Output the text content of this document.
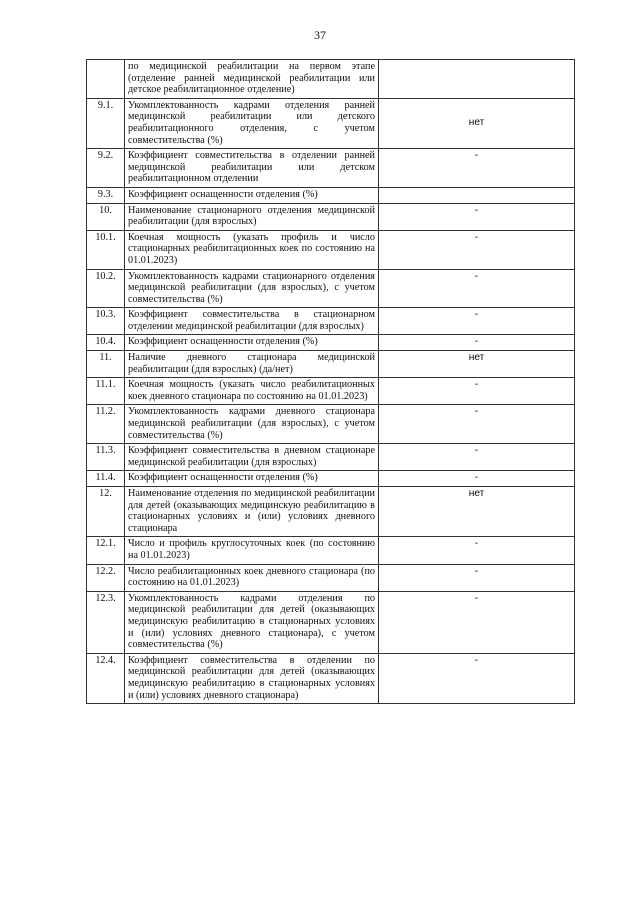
37
	по медицинской реабилитации на первом этапе (отделение ранней медицинской реабилитации или детское реабилитационное отделение)	
9.1.	Укомплектованность кадрами отделения ранней медицинской реабилитации или детского реабилитационного отделения, с учетом совместительства (%)	нет
9.2.	Коэффициент совместительства в отделении ранней медицинской реабилитации или детском реабилитационном отделении	-
9.3.	Коэффициент оснащенности отделения (%)	
10.	Наименование стационарного отделения медицинской реабилитации (для взрослых)	-
10.1.	Коечная мощность (указать профиль и число стационарных реабилитационных коек по состоянию на 01.01.2023)	-
10.2.	Укомплектованность кадрами стационарного отделения медицинской реабилитации (для взрослых), с учетом совместительства (%)	-
10.3.	Коэффициент совместительства в стационарном отделении медицинской реабилитации (для взрослых)	-
10.4.	Коэффициент оснащенности отделения (%)	-
11.	Наличие дневного стационара медицинской реабилитации (для взрослых) (да/нет)	нет
11.1.	Коечная мощность (указать число реабилитационных коек дневного стационара по состоянию на 01.01.2023)	-
11.2.	Укомплектованность кадрами дневного стационара медицинской реабилитации (для взрослых), с учетом совместительства (%)	-
11.3.	Коэффициент совместительства в дневном стационаре медицинской реабилитации (для взрослых)	-
11.4.	Коэффициент оснащенности отделения (%)	-
12.	Наименование отделения по медицинской реабилитации для детей (оказывающих медицинскую реабилитацию в стационарных условиях и (или) условиях дневного стационара	нет
12.1.	Число и профиль круглосуточных коек (по состоянию на 01.01.2023)	-
12.2.	Число реабилитационных коек дневного стационара (по состоянию на 01.01.2023)	-
12.3.	Укомплектованность кадрами отделения по медицинской реабилитации для детей (оказывающих медицинскую реабилитацию в стационарных условиях и (или) условиях дневного стационара), с учетом совместительства (%)	-
12.4.	Коэффициент совместительства в отделении по медицинской реабилитации для детей (оказывающих медицинскую реабилитацию в стационарных условиях и (или) условиях дневного стационара)	-
